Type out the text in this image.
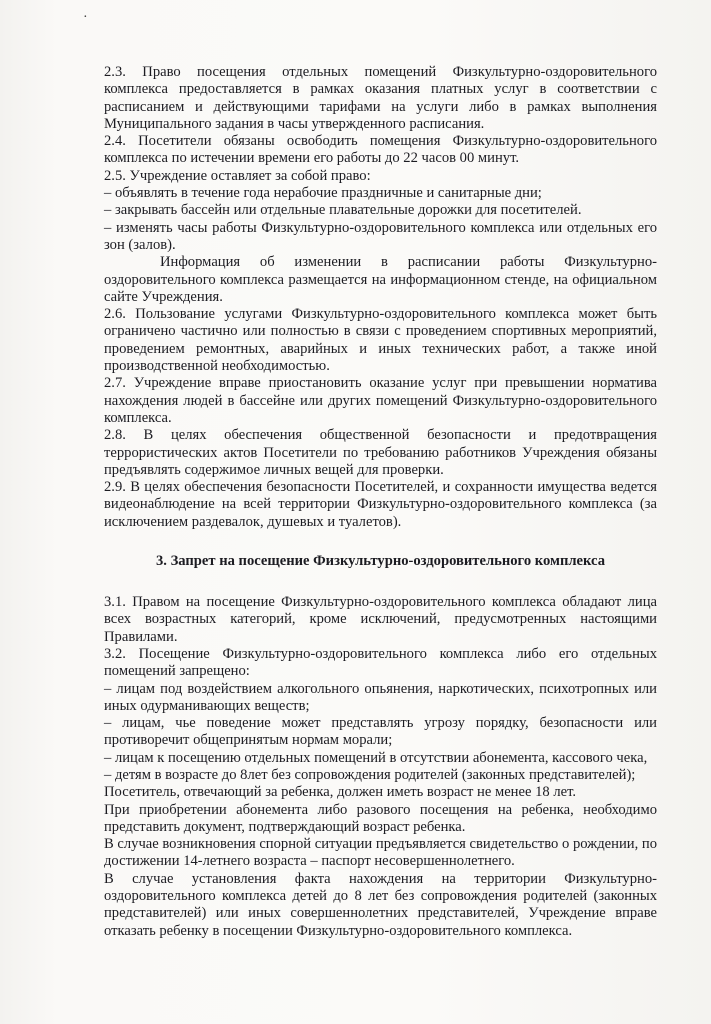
·

2.3. Право посещения отдельных помещений Физкультурно-оздоровительного комплекса предоставляется в рамках оказания платных услуг в соответствии с расписанием и действующими тарифами на услуги либо в рамках выполнения Муниципального задания в часы утвержденного расписания.

2.4. Посетители обязаны освободить помещения Физкультурно-оздоровительного комплекса по истечении времени его работы до 22 часов 00 минут.

2.5. Учреждение оставляет за собой право:

– объявлять в течение года нерабочие праздничные и санитарные дни;

– закрывать бассейн или отдельные плавательные дорожки для посетителей.

– изменять часы работы Физкультурно-оздоровительного комплекса или отдельных его зон (залов).

Информация об изменении в расписании работы Физкультурно-оздоровительного комплекса размещается на информационном стенде, на официальном сайте Учреждения.

2.6. Пользование услугами Физкультурно-оздоровительного комплекса может быть ограничено частично или полностью в связи с проведением спортивных мероприятий, проведением ремонтных, аварийных и иных технических работ, а также иной производственной необходимостью.

2.7. Учреждение вправе приостановить оказание услуг при превышении норматива нахождения людей в бассейне или других помещений Физкультурно-оздоровительного комплекса.

2.8. В целях обеспечения общественной безопасности и предотвращения террористических актов Посетители по требованию работников Учреждения обязаны предъявлять содержимое личных вещей для проверки.

2.9. В целях обеспечения безопасности Посетителей, и сохранности имущества ведется видеонаблюдение на всей территории Физкультурно-оздоровительного комплекса (за исключением раздевалок, душевых и туалетов).

3. Запрет на посещение Физкультурно-оздоровительного комплекса

3.1. Правом на посещение Физкультурно-оздоровительного комплекса обладают лица всех возрастных категорий, кроме исключений, предусмотренных настоящими Правилами.

3.2. Посещение Физкультурно-оздоровительного комплекса либо его отдельных помещений запрещено:

– лицам под воздействием алкогольного опьянения, наркотических, психотропных или иных одурманивающих веществ;

– лицам, чье поведение может представлять угрозу порядку, безопасности или противоречит общепринятым нормам морали;

– лицам к посещению отдельных помещений в отсутствии абонемента, кассового чека,

– детям в возрасте до 8лет без сопровождения родителей (законных представителей);

Посетитель, отвечающий за ребенка, должен иметь возраст не менее 18 лет.

При приобретении абонемента либо разового посещения на ребенка, необходимо представить документ, подтверждающий возраст ребенка.

В случае возникновения спорной ситуации предъявляется свидетельство о рождении, по достижении 14-летнего возраста – паспорт несовершеннолетнего.

В случае установления факта нахождения на территории Физкультурно-оздоровительного комплекса детей до 8 лет без сопровождения родителей (законных представителей) или иных совершеннолетних представителей, Учреждение вправе отказать ребенку в посещении Физкультурно-оздоровительного комплекса.
